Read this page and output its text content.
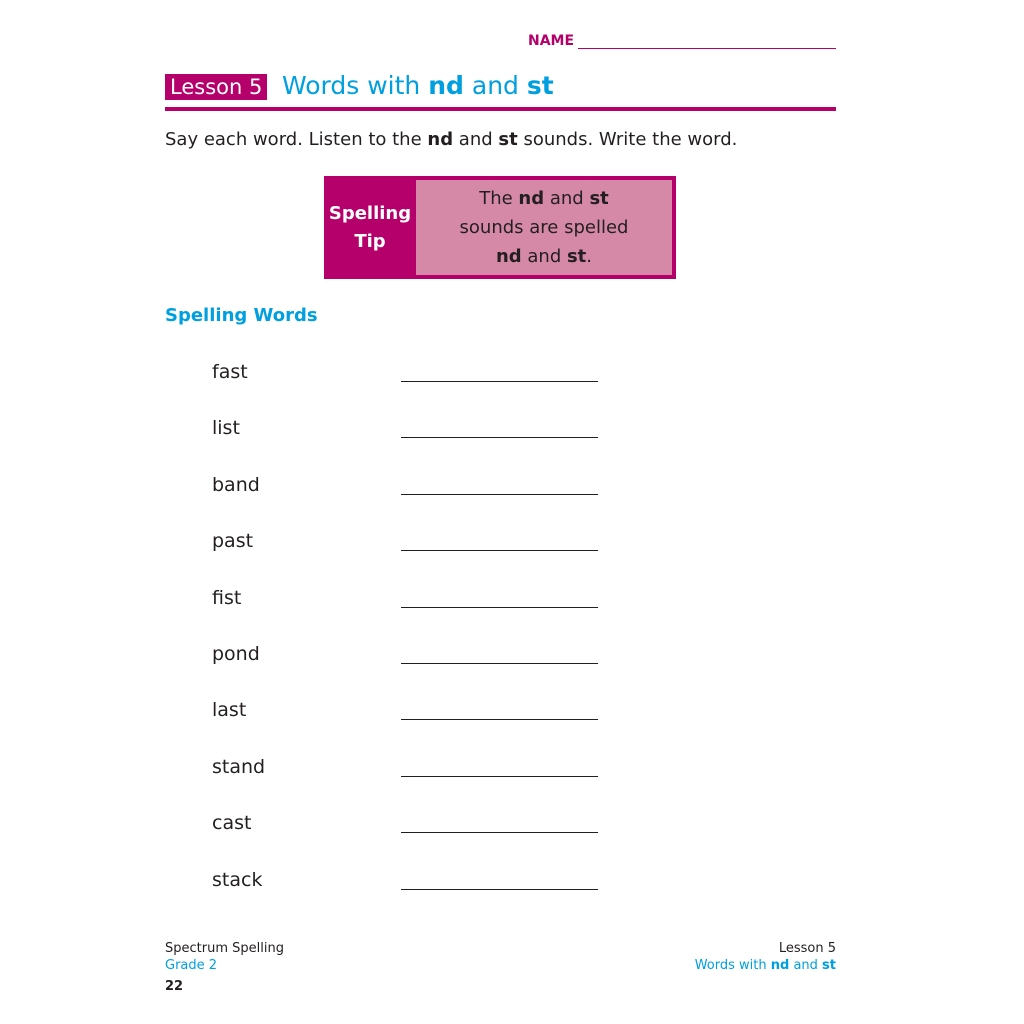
NAME
Lesson 5 Words with nd and st
Say each word. Listen to the nd and st sounds. Write the word.
Spelling
Tip
The nd and st
sounds are spelled
nd and st.
Spelling Words
fast
list
band
past
fist
pond
last
stand
cast
stack
Spectrum Spelling
Grade 2
22
Lesson 5
Words with nd and st
